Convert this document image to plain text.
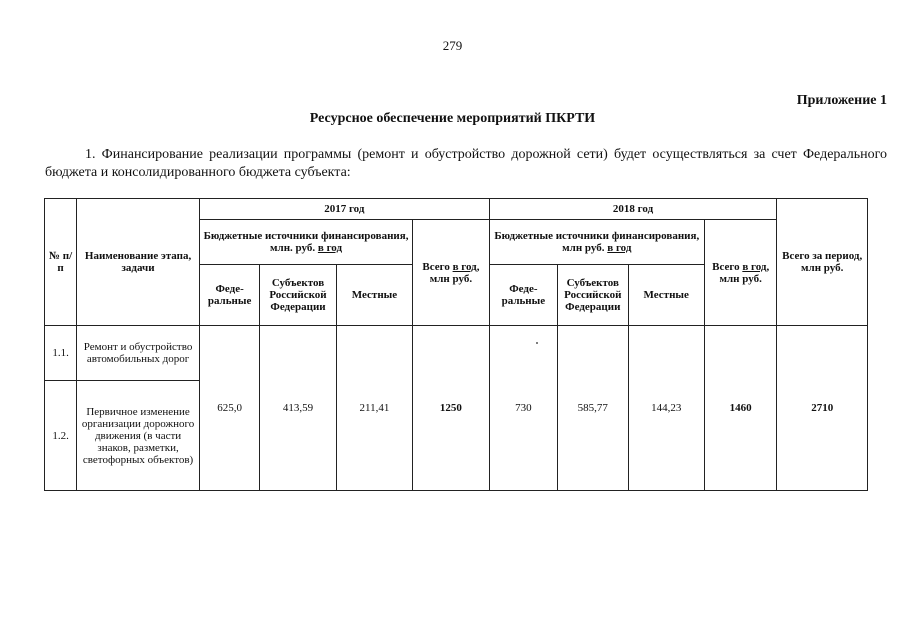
279
Приложение 1
Ресурсное обеспечение мероприятий ПКРТИ
1. Финансирование реализации программы (ремонт и обустройство дорожной сети) будет осуществляться за счет Федерального бюджета и консолидированного бюджета субъекта:
№ п/п	Наименование этапа, задачи	2017 год				2018 год				Всего за период, млн руб.
		Бюджетные источники финансирования, млн. руб. в год			Всего в год, млн руб.	Бюджетные источники финансирования, млн руб. в год			Всего в год, млн руб.	
		Феде-ральные	Субъектов Российской Федерации	Местные		Феде-ральные	Субъектов Российской Федерации	Местные		
1.1.	Ремонт и обустройство автомобильных дорог	625,0	413,59	211,41	1250	730	585,77	144,23	1460	2710
1.2.	Первичное изменение организации дорожного движения (в части знаков, разметки, светофорных объектов)									
